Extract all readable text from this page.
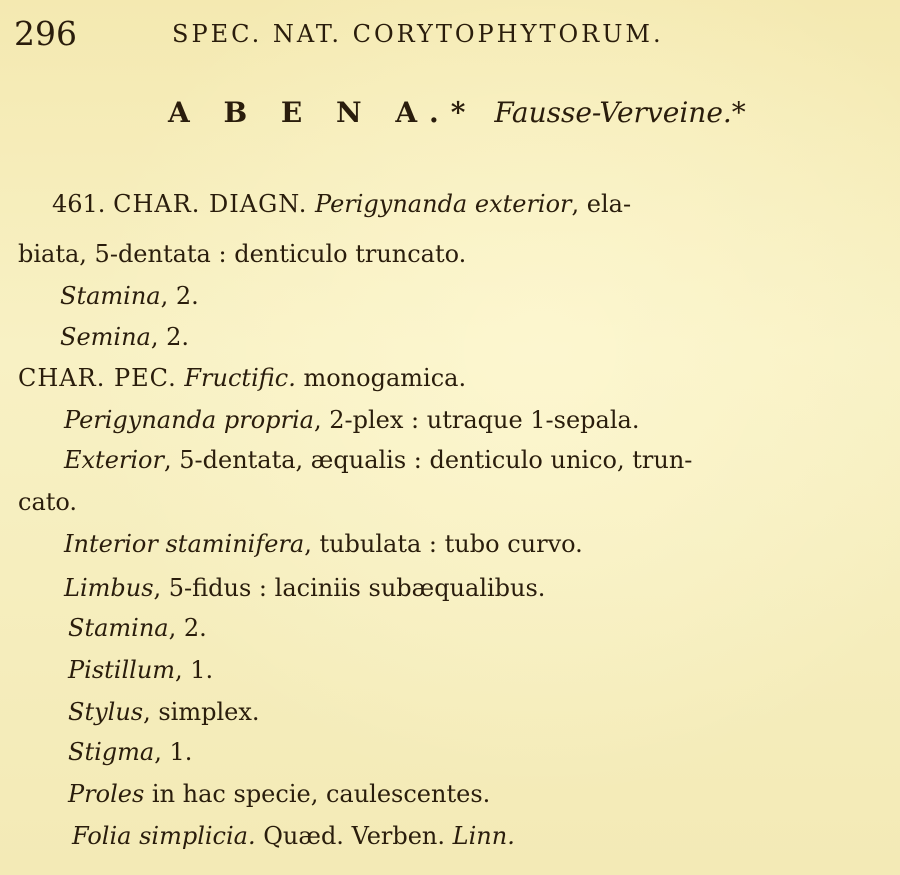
296	SPEC. NAT. CORYTOPHYTORUM.
A B E N A.* Fausse-Verveine.*
461. CHAR. DIAGN. Perigynanda exterior, ela-
biata, 5-dentata : denticulo truncato.
Stamina, 2.
Semina, 2.
CHAR. PEC. Fructific. monogamica.
Perigynanda propria, 2-plex : utraque 1-sepala.
Exterior, 5-dentata, æqualis : denticulo unico, trun-
cato.
Interior staminifera, tubulata : tubo curvo.
Limbus, 5-fidus : laciniis subæqualibus.
Stamina, 2.
Pistillum, 1.
Stylus, simplex.
Stigma, 1.
Proles in hac specie, caulescentes.
Folia simplicia. Quæd. Verben. Linn.
